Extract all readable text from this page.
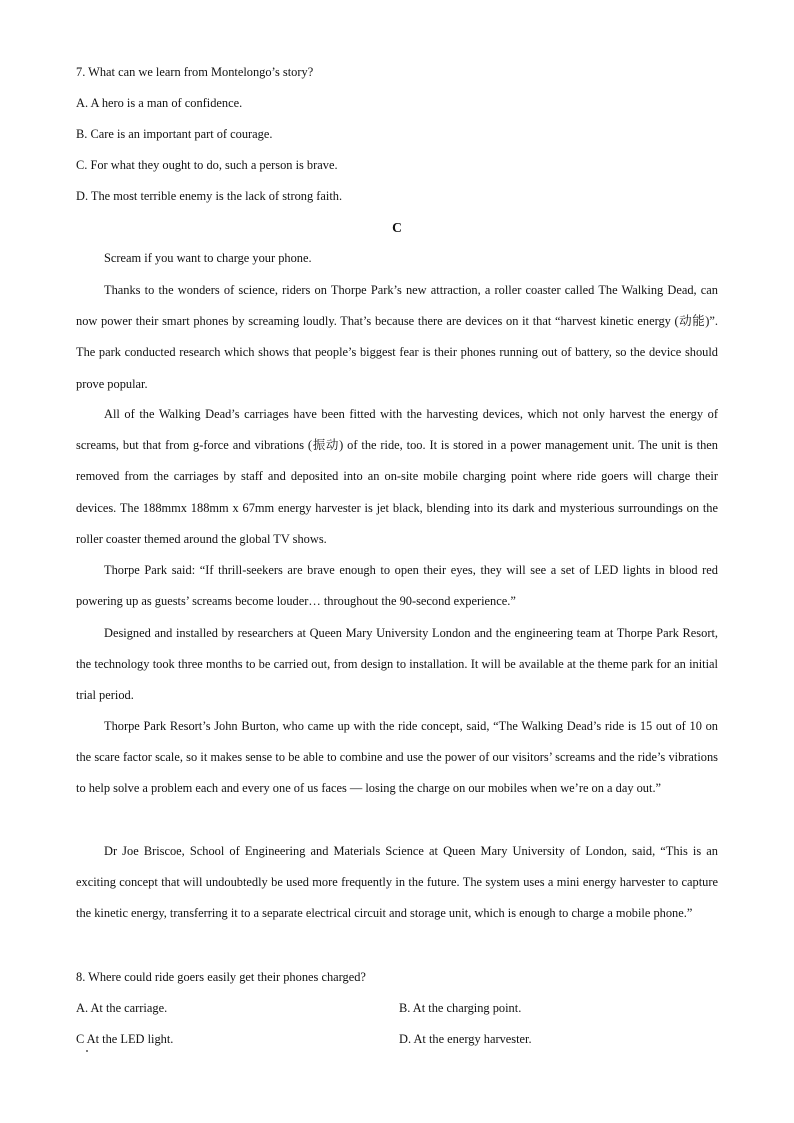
7. What can we learn from Montelongo’s story?
A. A hero is a man of confidence.
B. Care is an important part of courage.
C. For what they ought to do, such a person is brave.
D. The most terrible enemy is the lack of strong faith.
C

Scream if you want to charge your phone.

Thanks to the wonders of science, riders on Thorpe Park’s new attraction, a roller coaster called The Walking Dead, can now power their smart phones by screaming loudly. That’s because there are devices on it that “harvest kinetic energy (动能)”. The park conducted research which shows that people’s biggest fear is their phones running out of battery, so the device should prove popular.

All of the Walking Dead’s carriages have been fitted with the harvesting devices, which not only harvest the energy of screams, but that from g-force and vibrations (振动) of the ride, too. It is stored in a power management unit. The unit is then removed from the carriages by staff and deposited into an on-site mobile charging point where ride goers will charge their devices. The 188mmx 188mm x 67mm energy harvester is jet black, blending into its dark and mysterious surroundings on the roller coaster themed around the global TV shows.

Thorpe Park said: “If thrill-seekers are brave enough to open their eyes, they will see a set of LED lights in blood red powering up as guests’ screams become louder… throughout the 90-second experience.”

Designed and installed by researchers at Queen Mary University London and the engineering team at Thorpe Park Resort, the technology took three months to be carried out, from design to installation. It will be available at the theme park for an initial trial period.

Thorpe Park Resort’s John Burton, who came up with the ride concept, said, “The Walking Dead’s ride is 15 out of 10 on the scare factor scale, so it makes sense to be able to combine and use the power of our visitors’ screams and the ride’s vibrations to help solve a problem each and every one of us faces — losing the charge on our mobiles when we’re on a day out.”

Dr Joe Briscoe, School of Engineering and Materials Science at Queen Mary University of London, said, “This is an exciting concept that will undoubtedly be used more frequently in the future. The system uses a mini energy harvester to capture the kinetic energy, transferring it to a separate electrical circuit and storage unit, which is enough to charge a mobile phone.”

8. Where could ride goers easily get their phones charged?
A. At the carriage.	B. At the charging point.
C At the LED light.	D. At the energy harvester.
